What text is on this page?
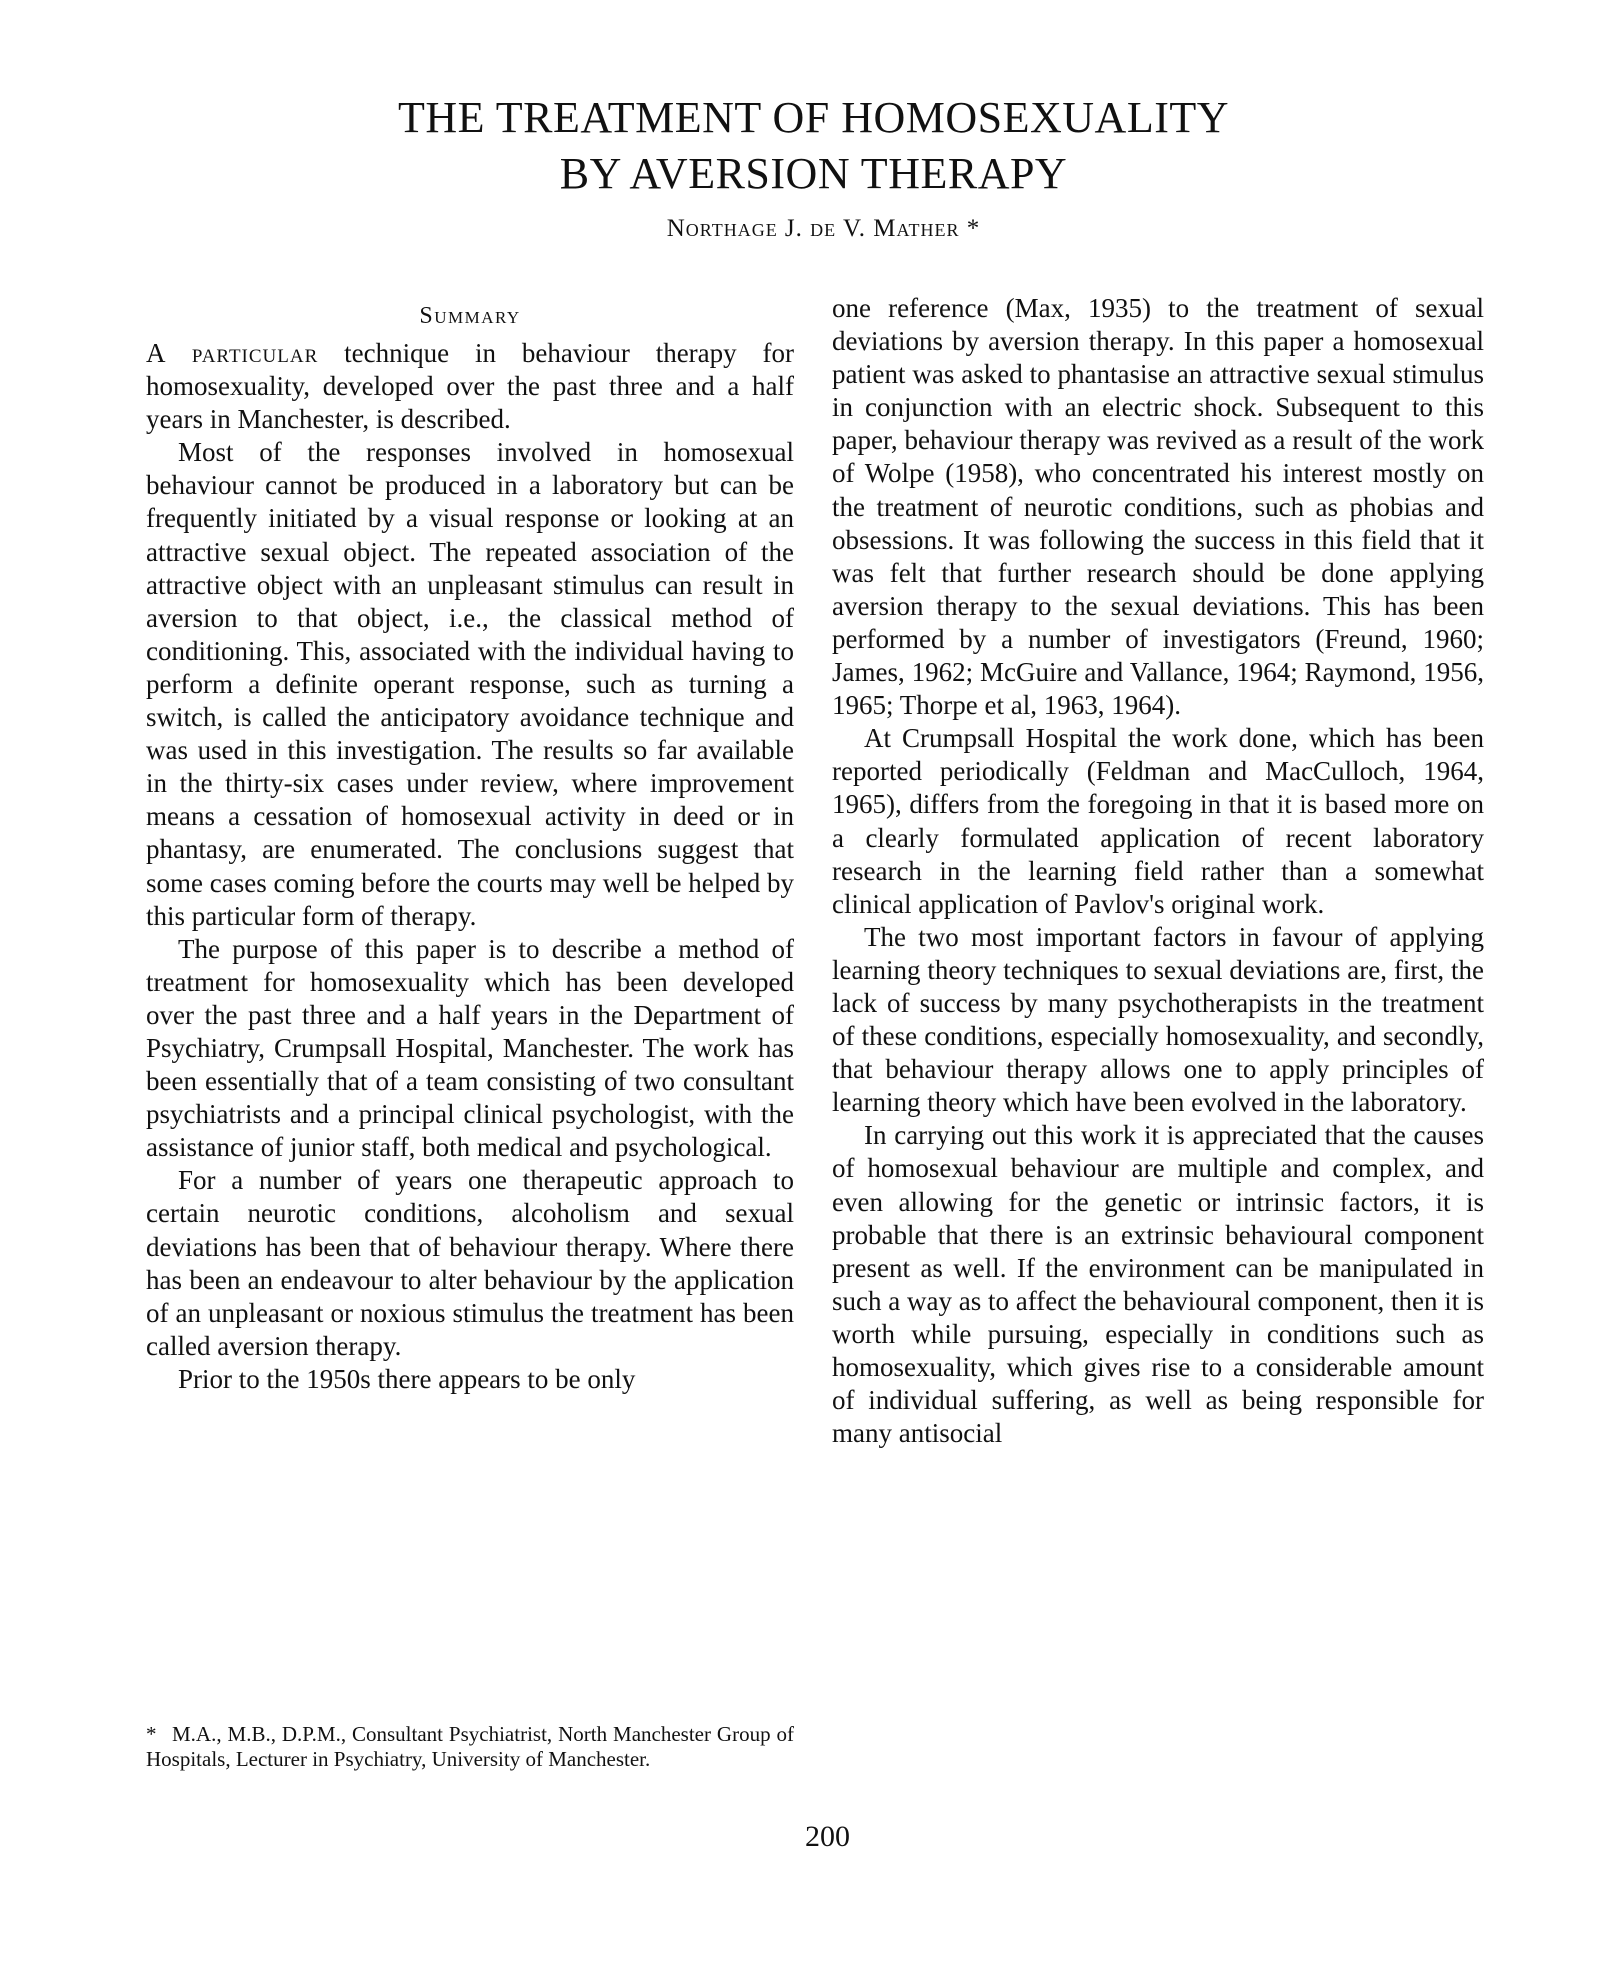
THE TREATMENT OF HOMOSEXUALITY
BY AVERSION THERAPY
Northage J. de V. Mather *
Summary

A particular technique in behaviour therapy for homosexuality, developed over the past three and a half years in Manchester, is described.

Most of the responses involved in homosexual behaviour cannot be produced in a laboratory but can be frequently initiated by a visual response or looking at an attractive sexual object. The repeated association of the attractive object with an unpleasant stimulus can result in aversion to that object, i.e., the classical method of conditioning. This, associated with the individual having to perform a definite operant response, such as turning a switch, is called the anticipatory avoidance technique and was used in this investigation. The results so far available in the thirty-six cases under review, where improvement means a cessation of homosexual activity in deed or in phantasy, are enumerated. The conclusions suggest that some cases coming before the courts may well be helped by this particular form of therapy.

The purpose of this paper is to describe a method of treatment for homosexuality which has been developed over the past three and a half years in the Department of Psychiatry, Crumpsall Hospital, Manchester. The work has been essentially that of a team consisting of two consultant psychiatrists and a principal clinical psychologist, with the assistance of junior staff, both medical and psychological.

For a number of years one therapeutic approach to certain neurotic conditions, alcoholism and sexual deviations has been that of behaviour therapy. Where there has been an endeavour to alter behaviour by the application of an unpleasant or noxious stimulus the treatment has been called aversion therapy.

Prior to the 1950s there appears to be only

* M.A., M.B., D.P.M., Consultant Psychiatrist, North Manchester Group of Hospitals, Lecturer in Psychiatry, University of Manchester.

one reference (Max, 1935) to the treatment of sexual deviations by aversion therapy. In this paper a homosexual patient was asked to phantasise an attractive sexual stimulus in conjunction with an electric shock. Subsequent to this paper, behaviour therapy was revived as a result of the work of Wolpe (1958), who concentrated his interest mostly on the treatment of neurotic conditions, such as phobias and obsessions. It was following the success in this field that it was felt that further research should be done applying aversion therapy to the sexual deviations. This has been performed by a number of investigators (Freund, 1960; James, 1962; McGuire and Vallance, 1964; Raymond, 1956, 1965; Thorpe et al, 1963, 1964).

At Crumpsall Hospital the work done, which has been reported periodically (Feldman and MacCulloch, 1964, 1965), differs from the foregoing in that it is based more on a clearly formulated application of recent laboratory research in the learning field rather than a somewhat clinical application of Pavlov's original work.

The two most important factors in favour of applying learning theory techniques to sexual deviations are, first, the lack of success by many psychotherapists in the treatment of these conditions, especially homosexuality, and secondly, that behaviour therapy allows one to apply principles of learning theory which have been evolved in the laboratory.

In carrying out this work it is appreciated that the causes of homosexual behaviour are multiple and complex, and even allowing for the genetic or intrinsic factors, it is probable that there is an extrinsic behavioural component present as well. If the environment can be manipulated in such a way as to affect the behavioural component, then it is worth while pursuing, especially in conditions such as homosexuality, which gives rise to a considerable amount of individual suffering, as well as being responsible for many antisocial

200
